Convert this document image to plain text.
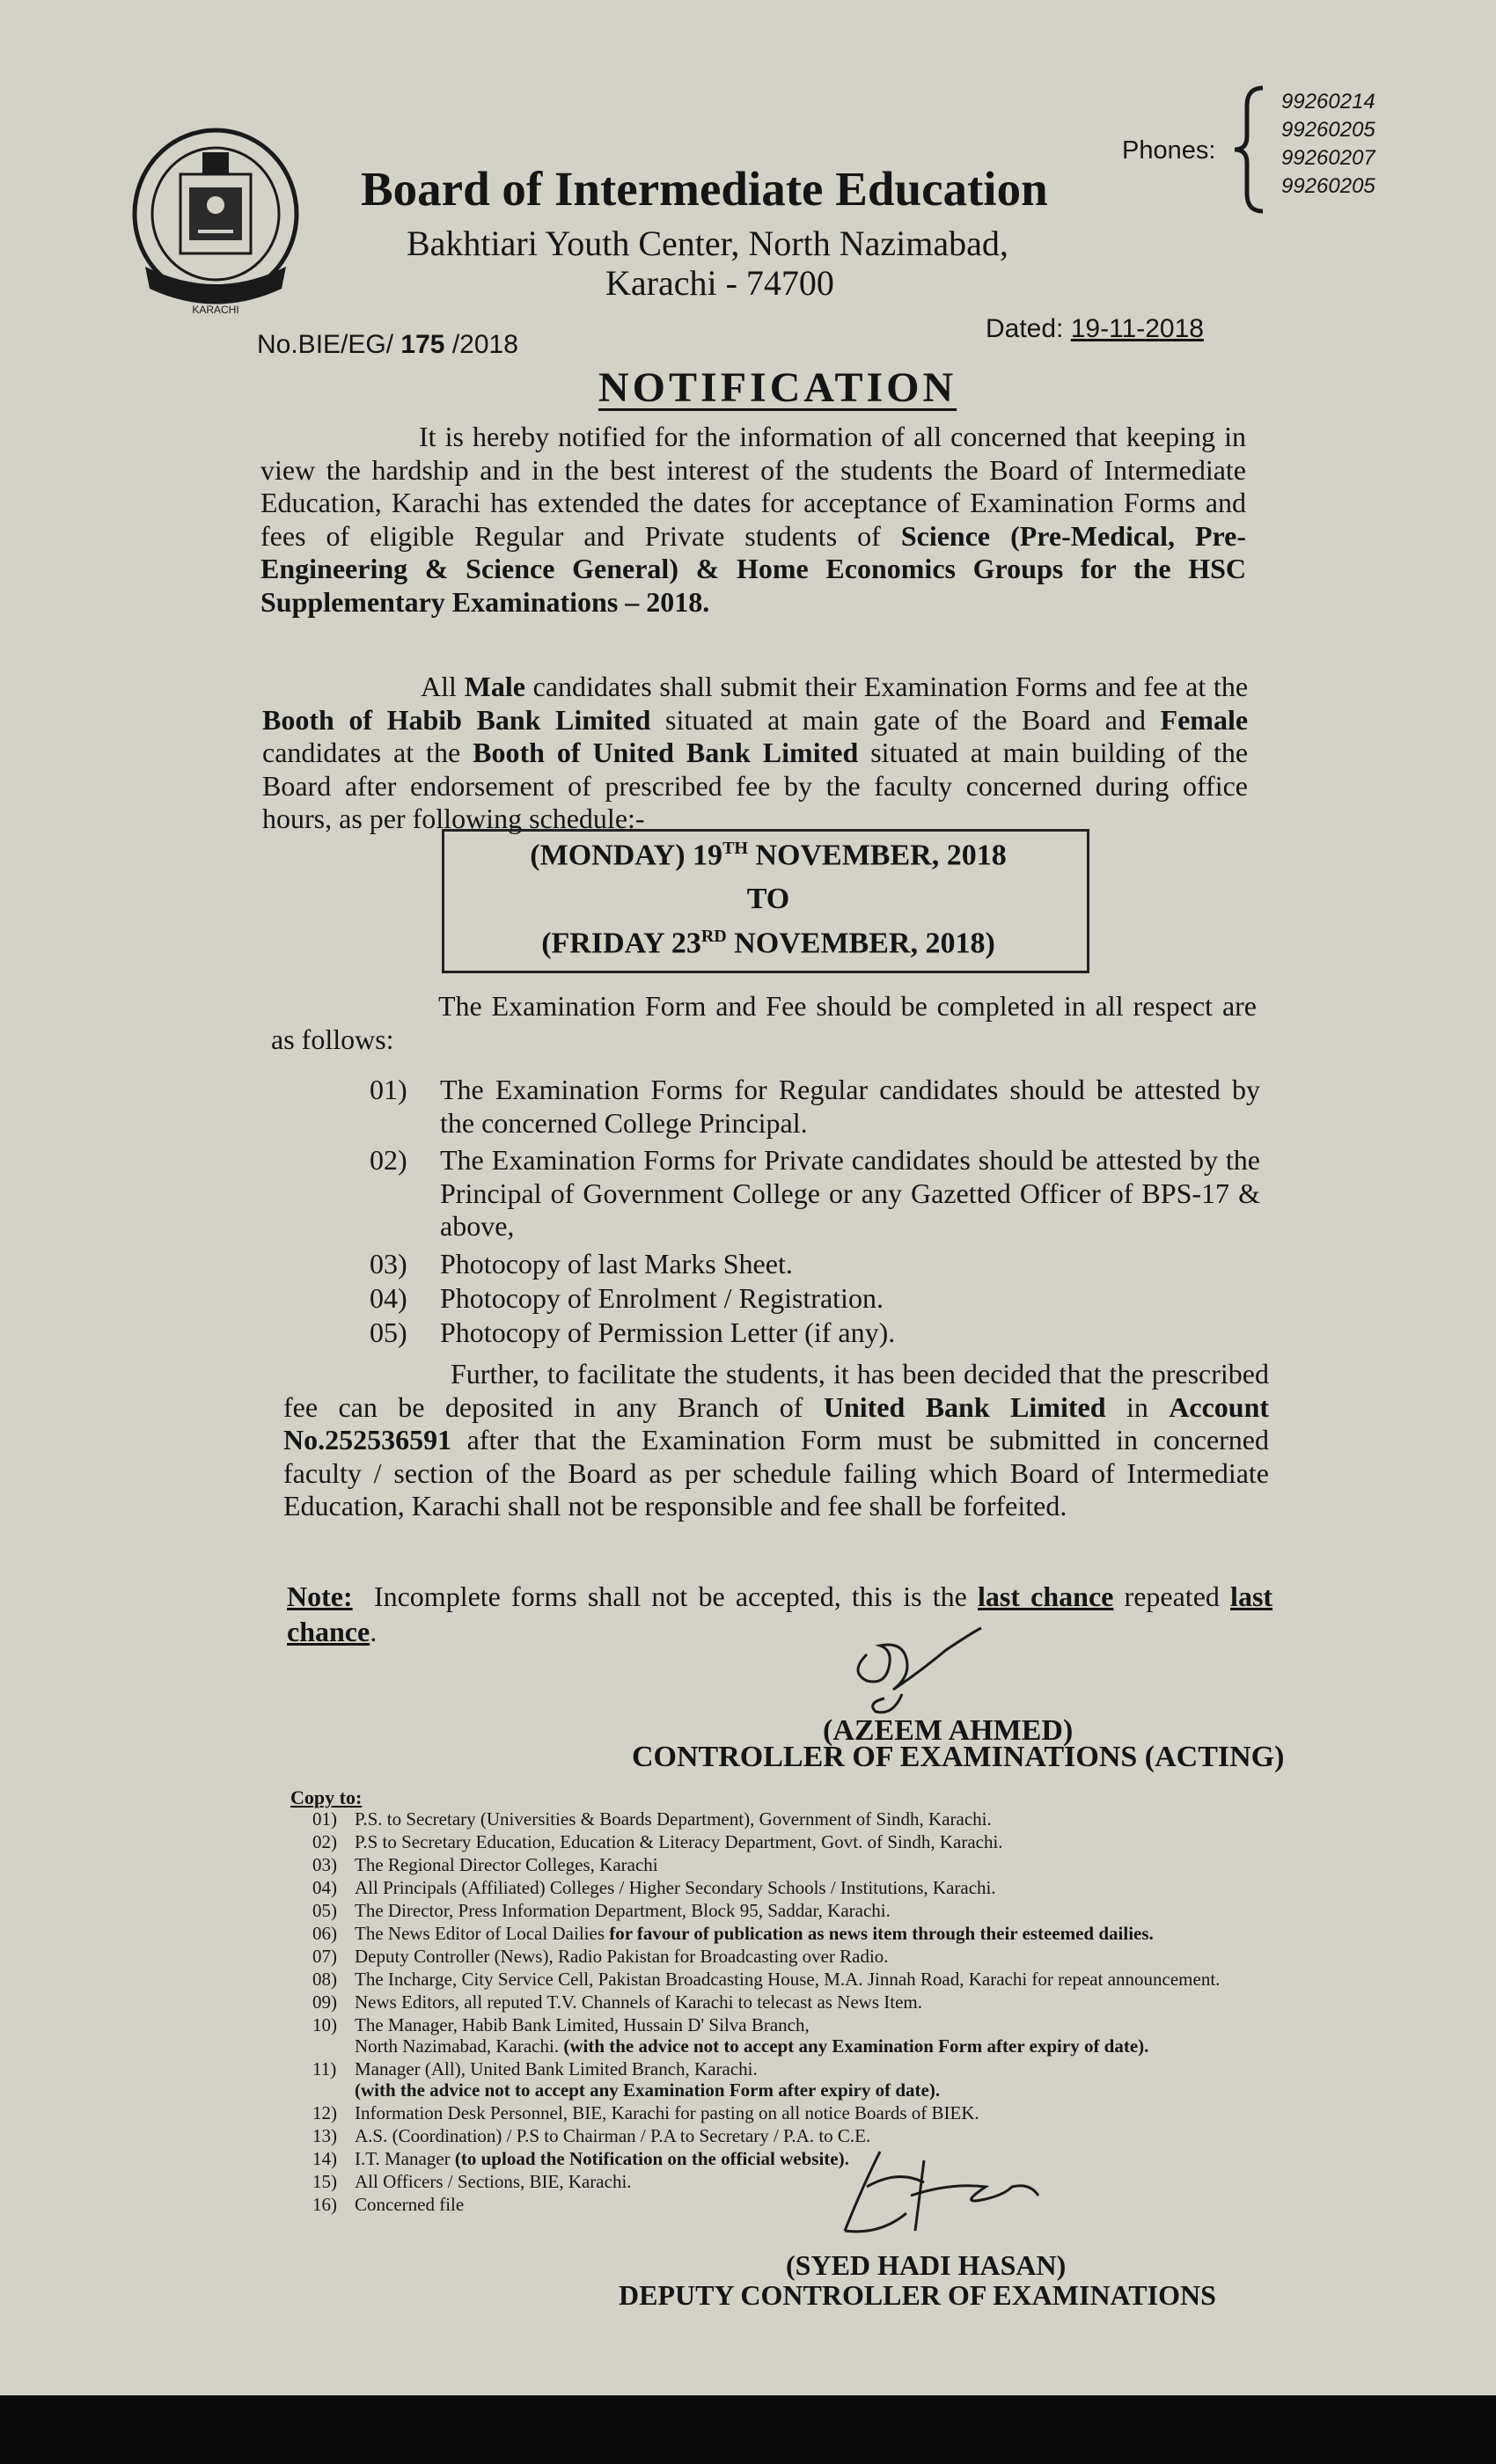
KARACHI
Board of Intermediate Education
Bakhtiari Youth Center, North Nazimabad,
Karachi - 74700
Phones:
99260214
99260205
99260207
99260205
No.BIE/EG/ 175 /2018
Dated: 19-11-2018
NOTIFICATION
It is hereby notified for the information of all concerned that keeping in view the hardship and in the best interest of the students the Board of Intermediate Education, Karachi has extended the dates for acceptance of Examination Forms and fees of eligible Regular and Private students of Science (Pre-Medical, Pre-Engineering & Science General) & Home Economics Groups for the HSC Supplementary Examinations – 2018.
All Male candidates shall submit their Examination Forms and fee at the Booth of Habib Bank Limited situated at main gate of the Board and Female candidates at the Booth of United Bank Limited situated at main building of the Board after endorsement of prescribed fee by the faculty concerned during office hours, as per following schedule:-
(MONDAY) 19TH NOVEMBER, 2018
TO
(FRIDAY 23RD NOVEMBER, 2018)
The Examination Form and Fee should be completed in all respect are as follows:
01) The Examination Forms for Regular candidates should be attested by the concerned College Principal.
02) The Examination Forms for Private candidates should be attested by the Principal of Government College or any Gazetted Officer of BPS-17 & above,
03) Photocopy of last Marks Sheet.
04) Photocopy of Enrolment / Registration.
05) Photocopy of Permission Letter (if any).
Further, to facilitate the students, it has been decided that the prescribed fee can be deposited in any Branch of United Bank Limited in Account No.252536591 after that the Examination Form must be submitted in concerned faculty / section of the Board as per schedule failing which Board of Intermediate Education, Karachi shall not be responsible and fee shall be forfeited.
Note: Incomplete forms shall not be accepted, this is the last chance repeated last chance.
(AZEEM AHMED)
CONTROLLER OF EXAMINATIONS (ACTING)
Copy to:
01) P.S. to Secretary (Universities & Boards Department), Government of Sindh, Karachi.
02) P.S to Secretary Education, Education & Literacy Department, Govt. of Sindh, Karachi.
03) The Regional Director Colleges, Karachi
04) All Principals (Affiliated) Colleges / Higher Secondary Schools / Institutions, Karachi.
05) The Director, Press Information Department, Block 95, Saddar, Karachi.
06) The News Editor of Local Dailies for favour of publication as news item through their esteemed dailies.
07) Deputy Controller (News), Radio Pakistan for Broadcasting over Radio.
08) The Incharge, City Service Cell, Pakistan Broadcasting House, M.A. Jinnah Road, Karachi for repeat announcement.
09) News Editors, all reputed T.V. Channels of Karachi to telecast as News Item.
10) The Manager, Habib Bank Limited, Hussain D' Silva Branch,
North Nazimabad, Karachi. (with the advice not to accept any Examination Form after expiry of date).
11) Manager (All), United Bank Limited Branch, Karachi.
(with the advice not to accept any Examination Form after expiry of date).
12) Information Desk Personnel, BIE, Karachi for pasting on all notice Boards of BIEK.
13) A.S. (Coordination) / P.S to Chairman / P.A to Secretary / P.A. to C.E.
14) I.T. Manager (to upload the Notification on the official website).
15) All Officers / Sections, BIE, Karachi.
16) Concerned file
(SYED HADI HASAN)
DEPUTY CONTROLLER OF EXAMINATIONS
